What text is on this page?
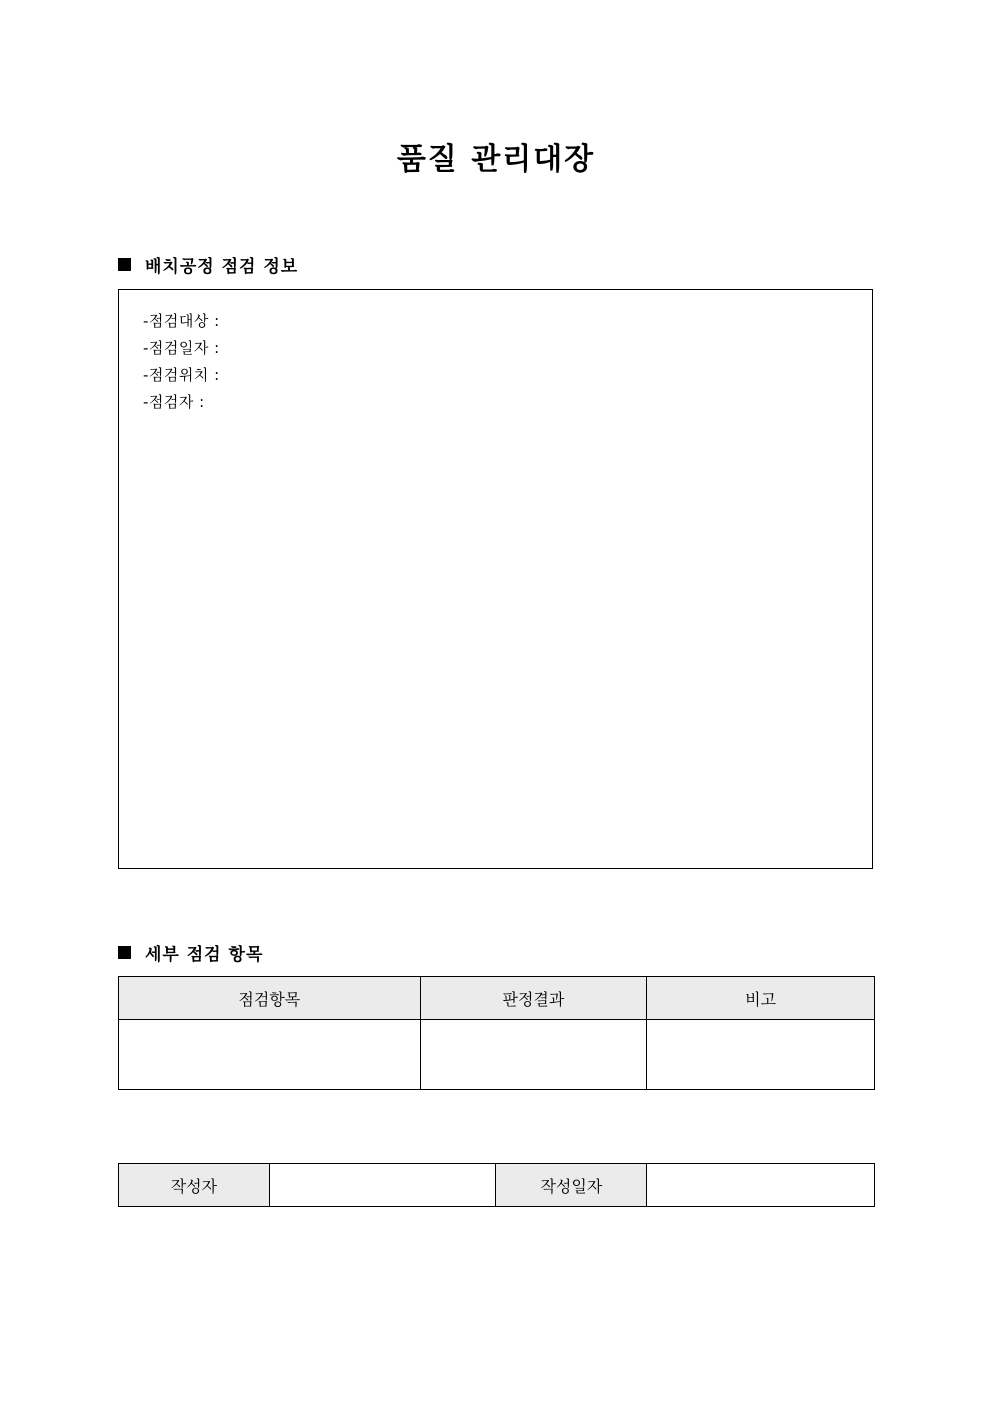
품질 관리대장
배치공정 점검 정보
-점검대상 :
-점검일자 :
-점검위치 :
-점검자 :
세부 점검 항목
점검항목	판정결과	비고

작성자		작성일자	
